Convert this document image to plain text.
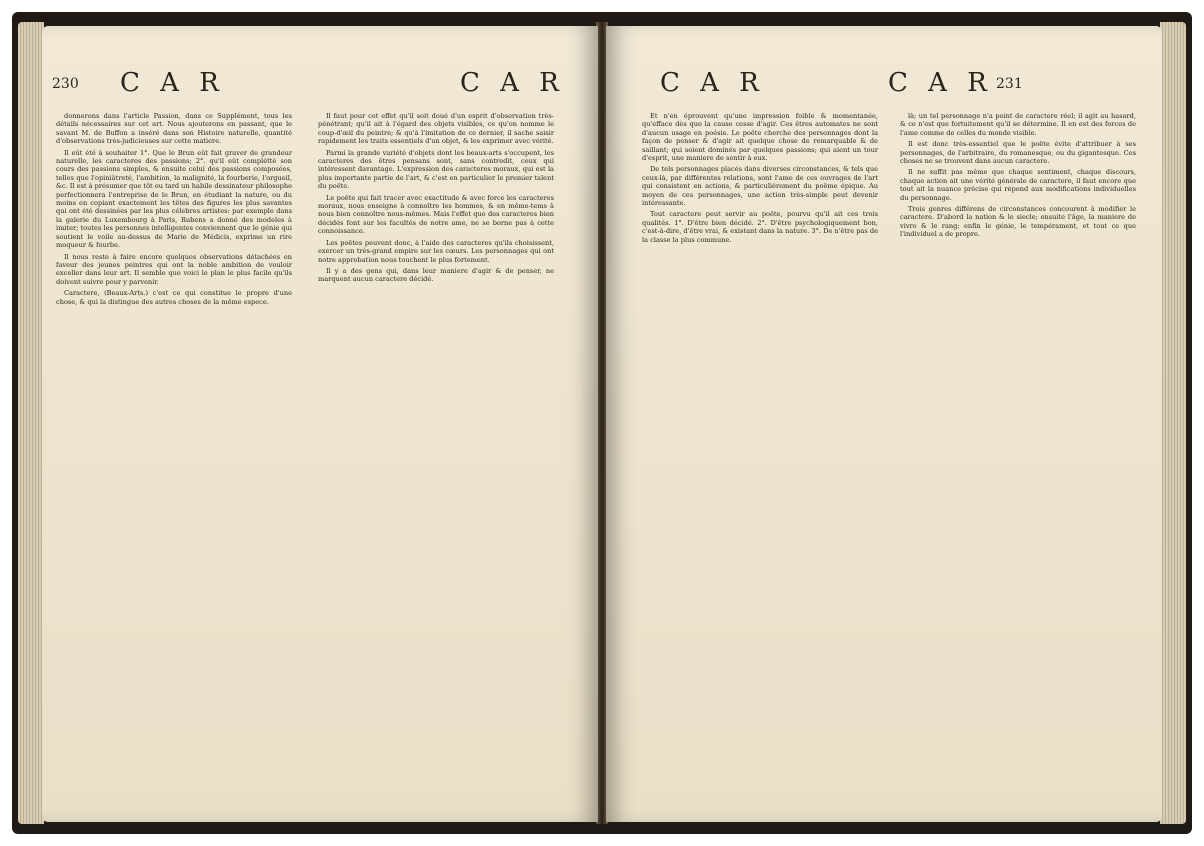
230 C A R	C A R

donnerons dans l'article Passion, dans ce Supplément, tous les détails nécessaires sur cet art. Nous ajouterons en passant, que le savant M. de Buffon a inséré dans son Histoire naturelle, quantité d'observations très-judicieuses sur cette matiere.

Il eût été à souhaiter 1°. Que le Brun eût fait graver de grandeur naturelle, les caracteres des passions; 2°. qu'il eût complétté son cours des passions simples, & ensuite celui des passions composées, telles que l'opiniâtreté, l'ambition, la malignité, la fourberie, l'orgueil, &c. Il est à présumer que tôt ou tard un habile dessinateur philosophe perfectionnera l'entreprise de le Brun, en étudiant la nature, ou du moins en copiant exactement les têtes des figures les plus savantes qui ont été dessinées par les plus célebres artistes: par exemple dans la galerie du Luxembourg à Paris, Rubens a donné des modeles à imiter; toutes les personnes intelligentes conviennent que le génie qui soutient le voile au-dessus de Marie de Médicis, exprime un rire moqueur & fourbe.

Il nous reste à faire encore quelques observations détachées en faveur des jeunes peintres qui ont la noble ambition de vouloir exceller dans leur art. Il semble que voici le plan le plus facile qu'ils doivent suivre pour y parvenir.

Caractere, (Beaux-Arts.) c'est ce qui constitue le propre d'une chose, & qui la distingue des autres choses de la même espece.

Il faut pour cet effet qu'il soit doué d'un esprit d'observation très-pénétrant; qu'il ait à l'égard des objets visibles, ce qu'on nomme le coup-d'œil du peintre; & qu'à l'imitation de ce dernier, il sache saisir rapidement les traits essentiels d'un objet, & les exprimer avec vérité.

Parmi la grande variété d'objets dont les beaux-arts s'occupent, les caracteres des êtres pensans sont, sans contredit, ceux qui intéressent davantage. L'expression des caracteres moraux, qui est la plus importante partie de l'art, & c'est en particulier le premier talent du poëte.

Le poëte qui fait tracer avec exactitude & avec force les caracteres moraux, nous enseigne à connoître les hommes, & en même-tems à nous bien connoître nous-mêmes. Mais l'effet que des caracteres bien décidés font sur les facultés de notre ame, ne se borne pas à cette connoissance.

Les poëtes peuvent donc, à l'aide des caracteres qu'ils choisissent, exercer un très-grand empire sur les cœurs. Les personnages qui ont notre approbation nous touchent le plus fortement.

Il y a des gens qui, dans leur maniere d'agir & de penser, ne marquent aucun caractere décidé.

C A R	C A R 231

Et n'en éprouvent qu'une impression foible & momentanée, qu'efface dès que la cause cesse d'agir. Ces êtres automates ne sont d'aucun usage en poésie. Le poëte cherche des personnages dont la façon de penser & d'agir ait quelque chose de remarquable & de saillant; qui soient dominés par quelques passions; qui aient un tour d'esprit, une maniere de sentir à eux.

De tels personnages placés dans diverses circonstances, & tels que ceux-là, par différentes relations, sont l'ame de ces ouvrages de l'art qui consistent en actions, & particuliérement du poëme épique. Au moyen de ces personnages, une action très-simple peut devenir intéressante.

Tout caractere peut servir au poëte, pourvu qu'il ait ces trois qualités. 1°. D'être bien décidé. 2°. D'être psychologiquement bon, c'est-à-dire, d'être vrai, & existant dans la nature. 3°. De n'être pas de la classe la plus commune.

là; un tel personnage n'a point de caractere réel; il agit au hasard, & ce n'est que fortuitement qu'il se détermine. Il en est des forces de l'ame comme de celles du monde visible.

Il est donc très-essentiel que le poëte évite d'attribuer à ses personnages, de l'arbitraire, du romanesque, ou du gigantesque. Ces choses ne se trouvent dans aucun caractere.

Il ne suffit pas même que chaque sentiment, chaque discours, chaque action ait une vérité générale de caractere, il faut encore que tout ait la nuance précise qui répond aux modifications individuelles du personnage.

Trois genres différens de circonstances concourent à modifier le caractere. D'abord la nation & le siecle; ensuite l'âge, la maniere de vivre & le rang; enfin le génie, le tempérament, et tout ce que l'individuel a de propre.
